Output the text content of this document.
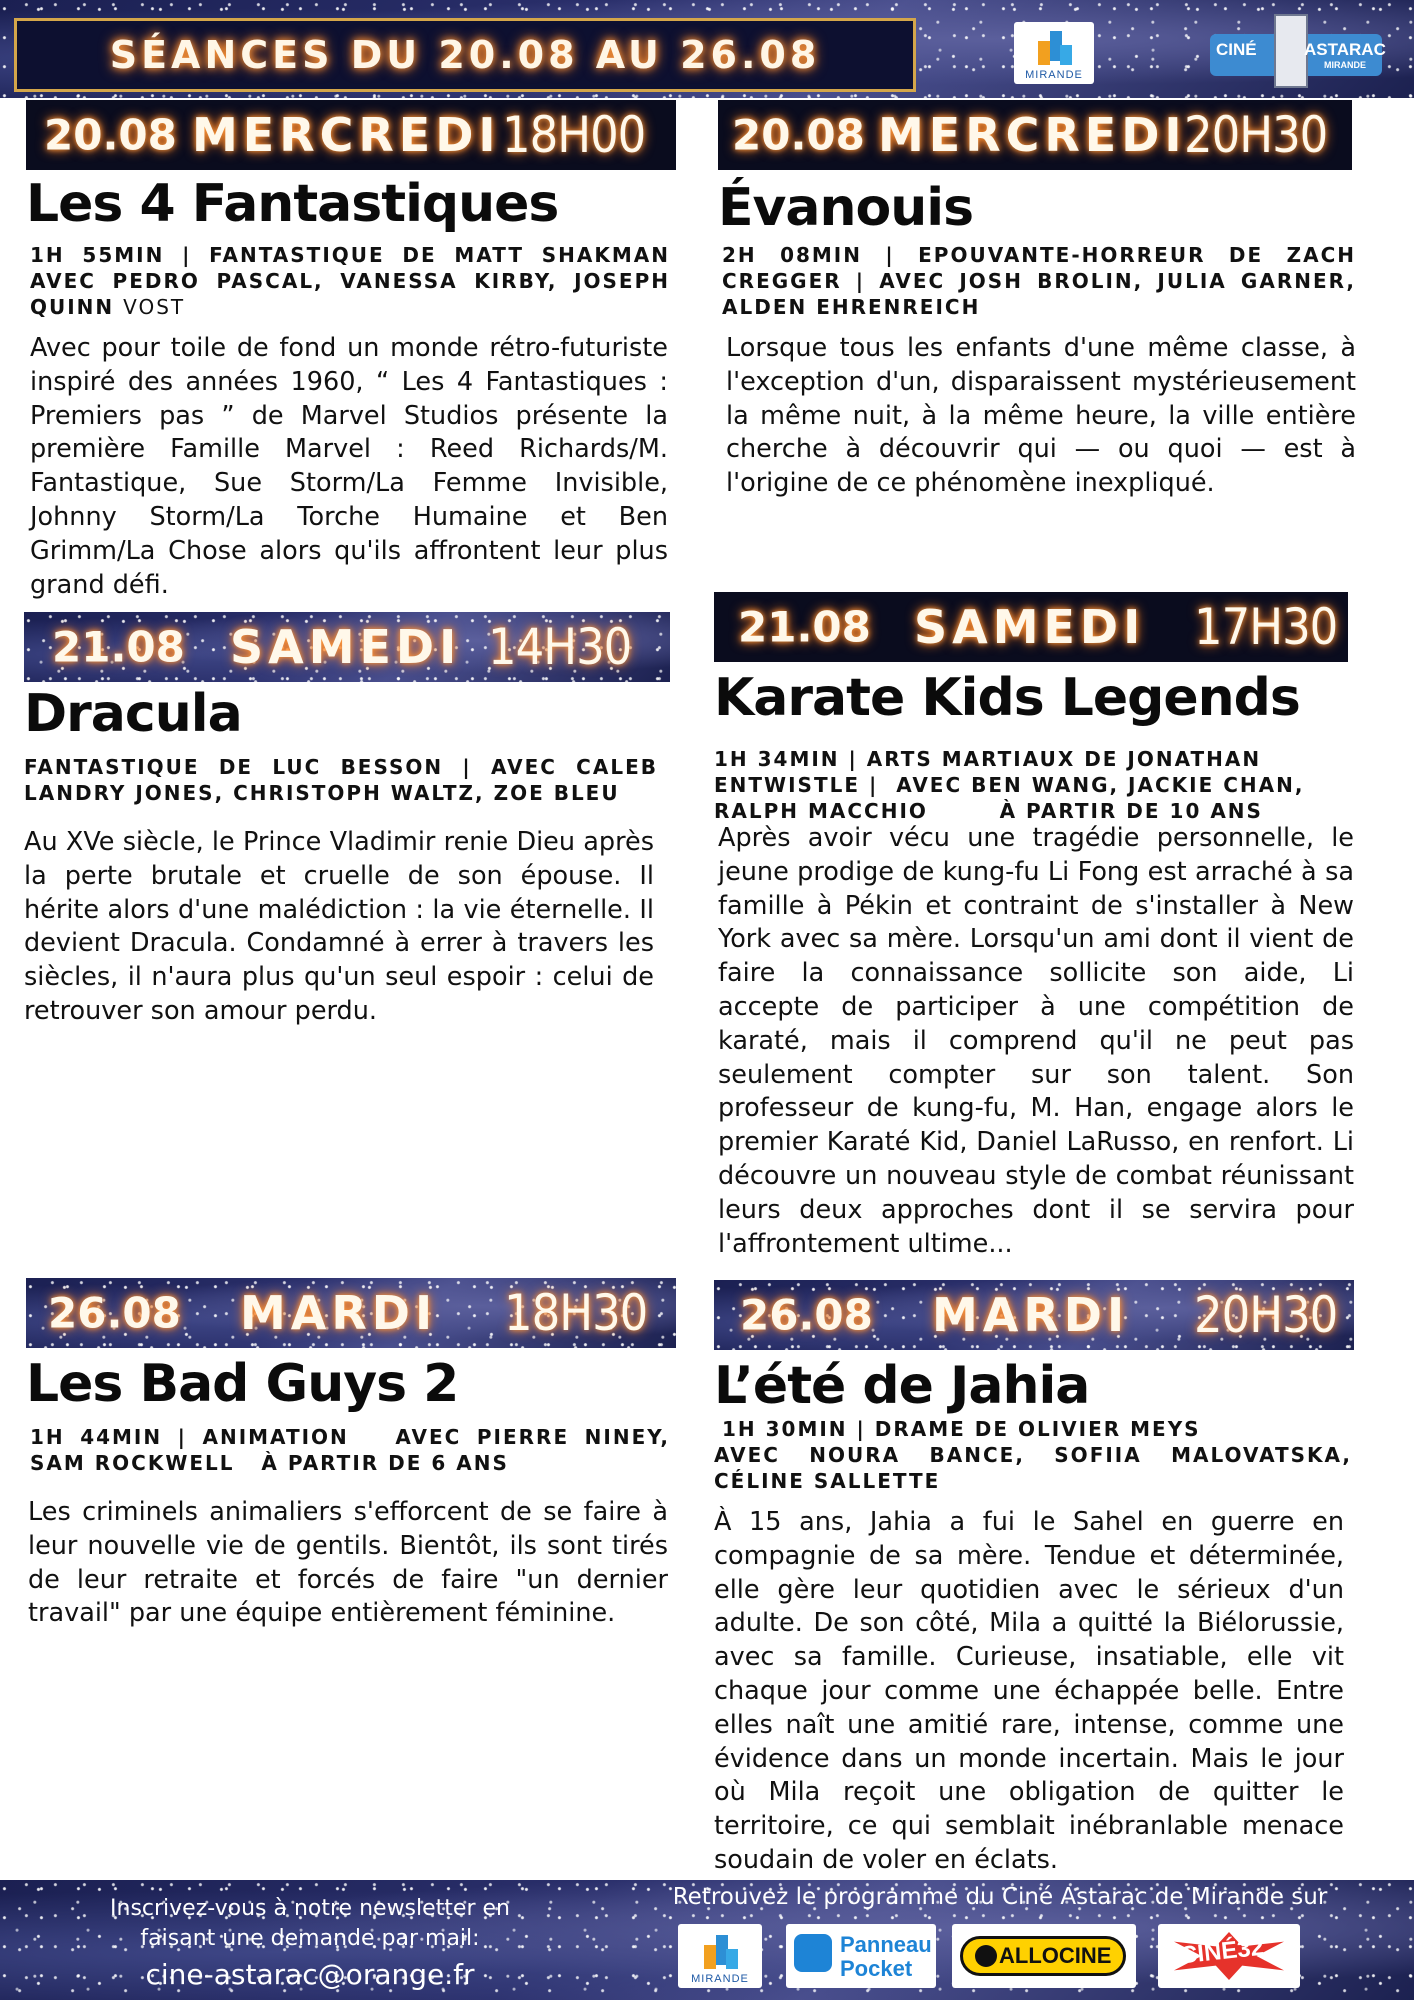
SÉANCES DU 20.08 AU 26.08	MIRANDE
CINÉ	ASTARAC
MIRANDE
20.08 MERCREDI 18H00
Les 4 Fantastiques
1H 55MIN | FANTASTIQUE DE MATT SHAKMAN AVEC PEDRO PASCAL, VANESSA KIRBY, JOSEPH QUINN VOST
Avec pour toile de fond un monde rétro-futuriste inspiré des années 1960, “ Les 4 Fantastiques : Premiers pas ” de Marvel Studios présente la première Famille Marvel : Reed Richards/M. Fantastique, Sue Storm/La Femme Invisible, Johnny Storm/La Torche Humaine et Ben Grimm/La Chose alors qu'ils affrontent leur plus grand défi.
20.08 MERCREDI
20H30
Évanouis
2H 08MIN | EPOUVANTE-HORREUR DE ZACH CREGGER | AVEC JOSH BROLIN, JULIA GARNER, ALDEN EHRENREICH
Lorsque tous les enfants d'une même classe, à l'exception d'un, disparaissent mystérieusement la même nuit, à la même heure, la ville entière cherche à découvrir qui — ou quoi — est à l'origine de ce phénomène inexpliqué.
21.08 SAMEDI 14H30
Dracula
FANTASTIQUE DE LUC BESSON | AVEC CALEB LANDRY JONES, CHRISTOPH WALTZ, ZOE BLEU
Au XVe siècle, le Prince Vladimir renie Dieu après la perte brutale et cruelle de son épouse. Il hérite alors d'une malédiction : la vie éternelle. Il devient Dracula. Condamné à errer à travers les siècles, il n'aura plus qu'un seul espoir : celui de retrouver son amour perdu.
21.08 SAMEDI 17H30
Karate Kids Legends
1H 34MIN | ARTS MARTIAUX DE JONATHAN
ENTWISTLE |  AVEC BEN WANG, JACKIE CHAN,
RALPH MACCHIO        À PARTIR DE 10 ANS
Après avoir vécu une tragédie personnelle, le jeune prodige de kung-fu Li Fong est arraché à sa famille à Pékin et contraint de s'installer à New York avec sa mère. Lorsqu'un ami dont il vient de faire la connaissance sollicite son aide, Li accepte de participer à une compétition de karaté, mais il comprend qu'il ne peut pas seulement compter sur son talent. Son professeur de kung-fu, M. Han, engage alors le premier Karaté Kid, Daniel LaRusso, en renfort. Li découvre un nouveau style de combat réunissant leurs deux approches dont il se servira pour l'affrontement ultime...
26.08 MARDI 18H30
Les Bad Guys 2
1H 44MIN | ANIMATION   AVEC PIERRE NINEY, SAM ROCKWELL   À PARTIR DE 6 ANS
Les criminels animaliers s'efforcent de se faire à leur nouvelle vie de gentils. Bientôt, ils sont tirés de leur retraite et forcés de faire "un dernier travail" par une équipe entièrement féminine.
26.08 MARDI 20H30
L’été de Jahia
1H 30MIN | DRAME DE OLIVIER MEYS
AVEC NOURA BANCE, SOFIIA MALOVATSKA, CÉLINE SALLETTE
À 15 ans, Jahia a fui le Sahel en guerre en compagnie de sa mère. Tendue et déterminée, elle gère leur quotidien avec le sérieux d'un adulte. De son côté, Mila a quitté la Biélorussie, avec sa famille. Curieuse, insatiable, elle vit chaque jour comme une échappée belle. Entre elles naît une amitié rare, intense, comme une évidence dans un monde incertain. Mais le jour où Mila reçoit une obligation de quitter le territoire, ce qui semblait inébranlable menace soudain de voler en éclats.
Inscrivez-vous à notre newsletter en
faisant une demande par mail:
cine-astarac@orange.fr
Retrouvez le programme du Ciné Astarac de Mirande sur
MIRANDE
Panneau
Pocket
ALLOCINE	CINÉ32
